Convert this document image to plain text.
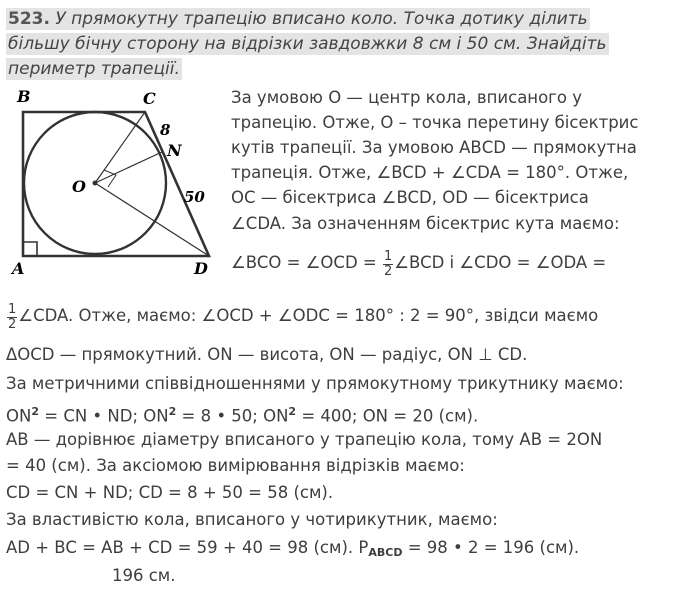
523. У прямокутну трапецію вписано коло. Точка дотику ділить
більшу бічну сторону на відрізки завдовжки 8 см і 50 см. Знайдіть
периметр трапеції.
B	C
A	D
O
N
8
50
За умовою О — центр кола, вписаного у
трапецію. Отже, О – точка перетину бісектрис
кутів трапеції. За умовою АВСD — прямокутна
трапеція. Отже, ∠BCD + ∠CDA = 180°. Отже,
ОС — бісектриса ∠BCD, OD — бісектриса
∠CDA. За означенням бісектрис кута маємо:
∠BCO = ∠OCD = $\frac{1}{2}$ ∠BCD і ∠CDO = ∠ODA =
$\frac{1}{2}$ ∠CDA. Отже, маємо: ∠OCD + ∠ODC = 180° : 2 = 90°, звідси маємо
ΔOCD — прямокутний. ON — висота, ON — радіус, ON ⊥ CD.
За метричними співвідношеннями у прямокутному трикутнику маємо:
$ON^2$ = CN • ND; $ON^2 = 8$ • 50; $ON^2 = 400$; ON = 20 (см).
АВ — дорівнює діаметру вписаного у трапецію кола, тому АВ = 2ОN
= 40 (см). За аксіомою вимірювання відрізків маємо:
CD = CN + ND; CD = 8 + 50 = 58 (см).
За властивістю кола, вписаного у чотирикутник, маємо:
AD + BC = AB + CD = 59 + 40 = 98 (см). PABCD = 98 • 2 = 196 (см).
196 см.
